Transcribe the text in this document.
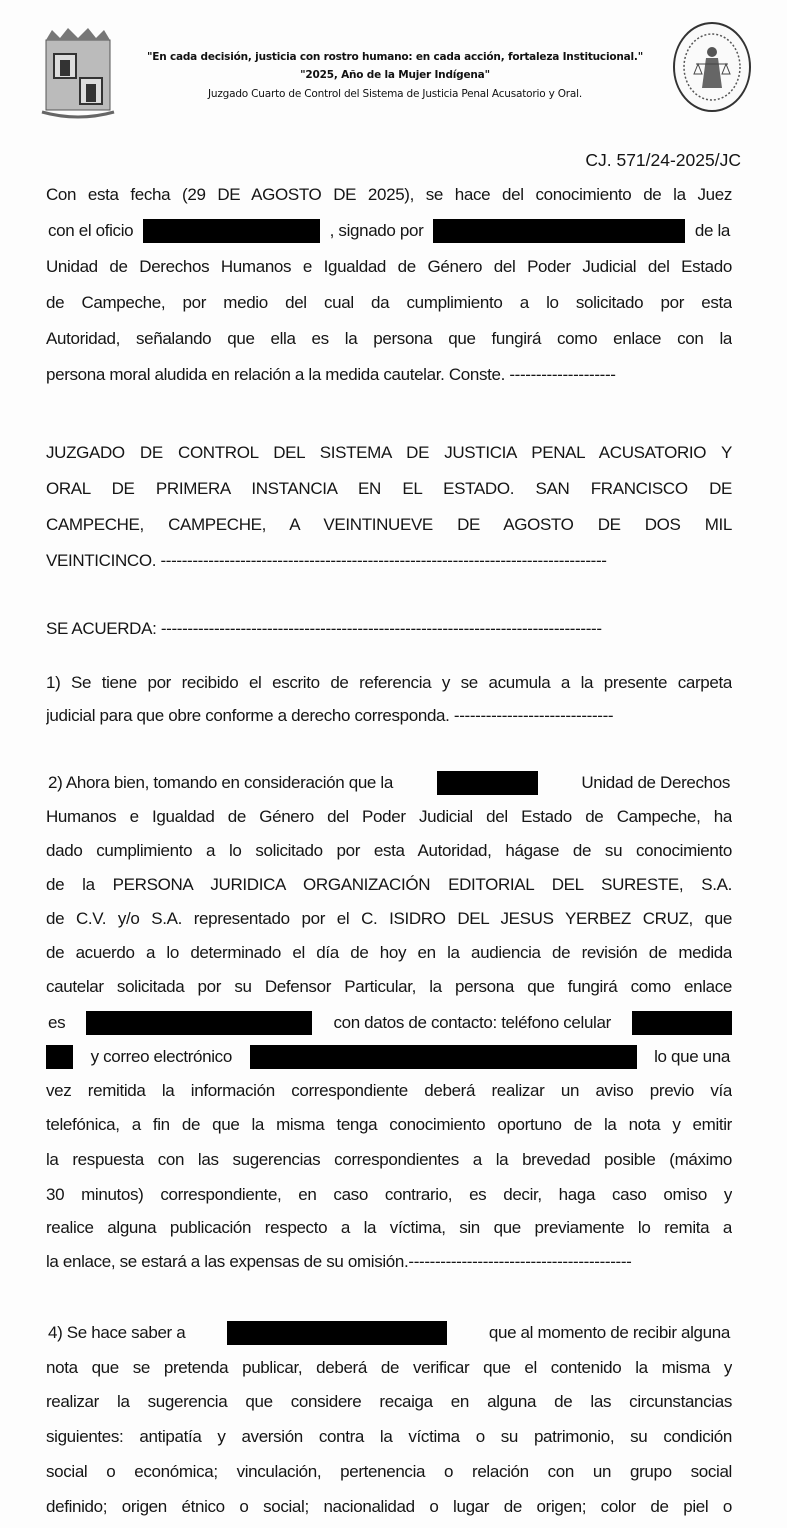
"En cada decisión, justicia con rostro humano: en cada acción, fortaleza Institucional."
"2025, Año de la Mujer Indígena"
Juzgado Cuarto de Control del Sistema de Justicia Penal Acusatorio y Oral.
CJ. 571/24-2025/JC
Con esta fecha (29 DE AGOSTO DE 2025), se hace del conocimiento de la Juez
con el oficio	, signado por	de la
Unidad de Derechos Humanos e Igualdad de Género del Poder Judicial del Estado
de Campeche, por medio del cual da cumplimiento a lo solicitado por esta
Autoridad, señalando que ella es la persona que fungirá como enlace con la
persona moral aludida en relación a la medida cautelar. Conste. --------------------
JUZGADO DE CONTROL DEL SISTEMA DE JUSTICIA PENAL ACUSATORIO Y
ORAL DE PRIMERA INSTANCIA EN EL ESTADO. SAN FRANCISCO DE
CAMPECHE, CAMPECHE, A VEINTINUEVE DE AGOSTO DE DOS MIL
VEINTICINCO. ------------------------------------------------------------------------------------
SE ACUERDA: -----------------------------------------------------------------------------------
1) Se tiene por recibido el escrito de referencia y se acumula a la presente carpeta
judicial para que obre conforme a derecho corresponda. ------------------------------
2) Ahora bien, tomando en consideración que la	Unidad de Derechos
Humanos e Igualdad de Género del Poder Judicial del Estado de Campeche, ha
dado cumplimiento a lo solicitado por esta Autoridad, hágase de su conocimiento
de la PERSONA JURIDICA ORGANIZACIÓN EDITORIAL DEL SURESTE, S.A.
de C.V. y/o S.A. representado por el C. ISIDRO DEL JESUS YERBEZ CRUZ, que
de acuerdo a lo determinado el día de hoy en la audiencia de revisión de medida
cautelar solicitada por su Defensor Particular, la persona que fungirá como enlace
es	con datos de contacto: teléfono celular
y correo electrónico	lo que una
vez remitida la información correspondiente deberá realizar un aviso previo vía
telefónica, a fin de que la misma tenga conocimiento oportuno de la nota y emitir
la respuesta con las sugerencias correspondientes a la brevedad posible (máximo
30 minutos) correspondiente, en caso contrario, es decir, haga caso omiso y
realice alguna publicación respecto a la víctima, sin que previamente lo remita a
la enlace, se estará a las expensas de su omisión.------------------------------------------
4) Se hace saber a	que al momento de recibir alguna
nota que se pretenda publicar, deberá de verificar que el contenido la misma y
realizar la sugerencia que considere recaiga en alguna de las circunstancias
siguientes: antipatía y aversión contra la víctima o su patrimonio, su condición
social o económica; vinculación, pertenencia o relación con un grupo social
definido; origen étnico o social; nacionalidad o lugar de origen; color de piel o
